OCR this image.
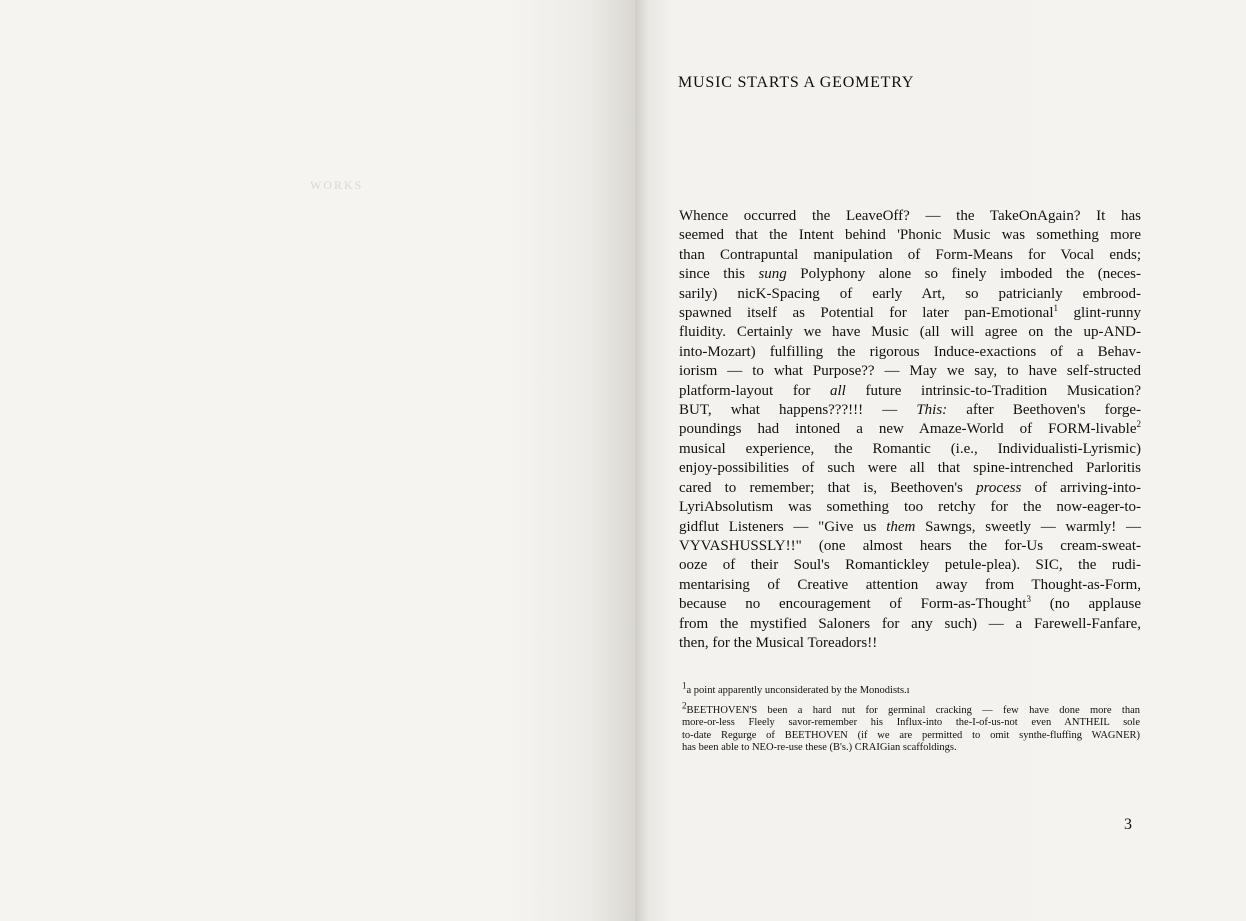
WORKS
MUSIC STARTS A GEOMETRY
Whence occurred the LeaveOff? — the TakeOnAgain? It has
seemed that the Intent behind 'Phonic Music was something more
than Contrapuntal manipulation of Form-Means for Vocal ends;
since this sung Polyphony alone so finely imboded the (neces-
sarily) nicK-Spacing of early Art, so patricianly embrood-
spawned itself as Potential for later pan-Emotional$^1$ glint-runny
fluidity. Certainly we have Music (all will agree on the up-AND-
into-Mozart) fulfilling the rigorous Induce-exactions of a Behav-
iorism — to what Purpose?? — May we say, to have self-structed
platform-layout for all future intrinsic-to-Tradition Musication?
BUT, what happens???!!! — This: after Beethoven's forge-
poundings had intoned a new Amaze-World of FORM-livable$^2$
musical experience, the Romantic (i.e., Individualisti-Lyrismic)
enjoy-possibilities of such were all that spine-intrenched Parloritis
cared to remember; that is, Beethoven's process of arriving-into-
LyriAbsolutism was something too retchy for the now-eager-to-
gidflut Listeners — "Give us them Sawngs, sweetly — warmly! —
VYVASHUSSLY!!" (one almost hears the for-Us cream-sweat-
ooze of their Soul's Romantickley petule-plea). SIC, the rudi-
mentarising of Creative attention away from Thought-as-Form,
because no encouragement of Form-as-Thought$^3$ (no applause
from the mystified Saloners for any such) — a Farewell-Fanfare,
then, for the Musical Toreadors!!
$^1$a point apparently unconsiderated by the Monodists.ı
$^2$BEETHOVEN'S been a hard nut for germinal cracking — few have done more than
more-or-less Fleely savor-remember his Influx-into the-I-of-us-not even ANTHEIL sole
to-date Regurge of BEETHOVEN (if we are permitted to omit synthe-fluffing WAGNER)
has been able to NEO-re-use these (B's.) CRAIGian scaffoldings.
3
